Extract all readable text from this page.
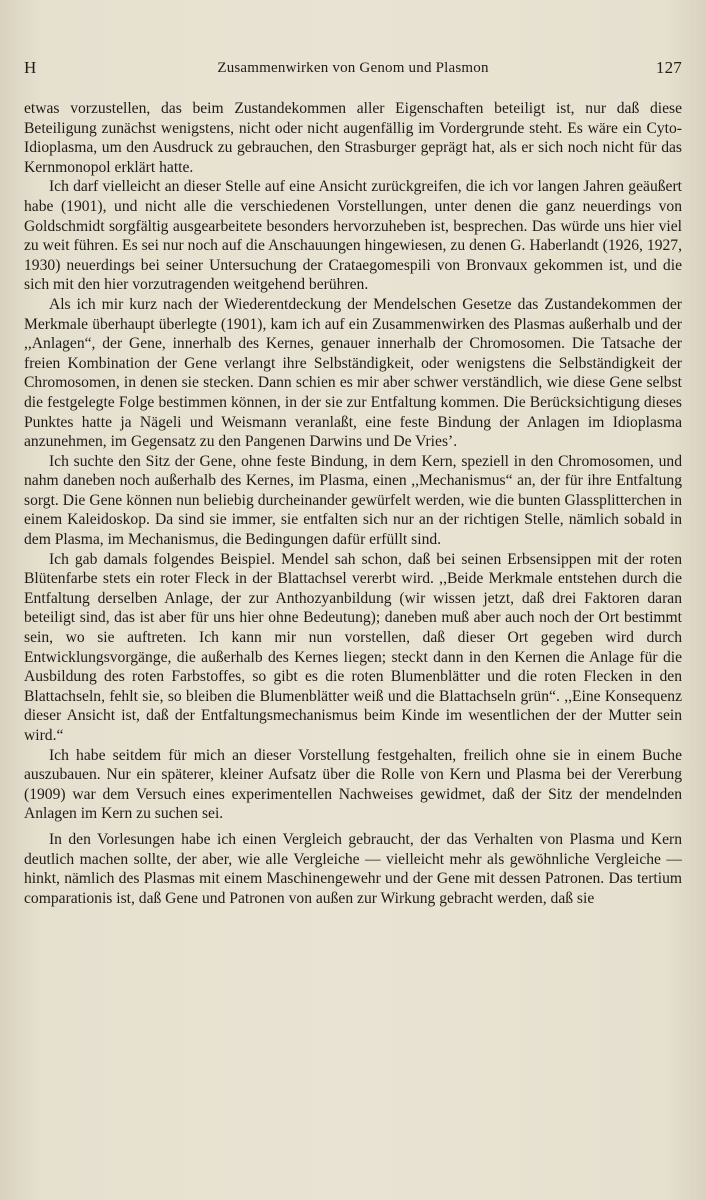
H	Zusammenwirken von Genom und Plasmon	127

etwas vorzustellen, das beim Zustandekommen aller Eigenschaften beteiligt ist, nur daß diese Beteiligung zunächst wenigstens, nicht oder nicht augenfällig im Vordergrunde steht. Es wäre ein Cyto-Idioplasma, um den Ausdruck zu gebrauchen, den Strasburger geprägt hat, als er sich noch nicht für das Kernmonopol erklärt hatte.

Ich darf vielleicht an dieser Stelle auf eine Ansicht zurückgreifen, die ich vor langen Jahren geäußert habe (1901), und nicht alle die verschiedenen Vorstellungen, unter denen die ganz neuerdings von Goldschmidt sorgfältig ausgearbeitete besonders hervorzuheben ist, besprechen. Das würde uns hier viel zu weit führen. Es sei nur noch auf die Anschauungen hingewiesen, zu denen G. Haberlandt (1926, 1927, 1930) neuerdings bei seiner Untersuchung der Crataegomespili von Bronvaux gekommen ist, und die sich mit den hier vorzutragenden weitgehend berühren.

Als ich mir kurz nach der Wiederentdeckung der Mendelschen Gesetze das Zustandekommen der Merkmale überhaupt überlegte (1901), kam ich auf ein Zusammenwirken des Plasmas außerhalb und der ,,Anlagen“, der Gene, innerhalb des Kernes, genauer innerhalb der Chromosomen. Die Tatsache der freien Kombination der Gene verlangt ihre Selbständigkeit, oder wenigstens die Selbständigkeit der Chromosomen, in denen sie stecken. Dann schien es mir aber schwer verständlich, wie diese Gene selbst die festgelegte Folge bestimmen können, in der sie zur Entfaltung kommen. Die Berücksichtigung dieses Punktes hatte ja Nägeli und Weismann veranlaßt, eine feste Bindung der Anlagen im Idioplasma anzunehmen, im Gegensatz zu den Pangenen Darwins und De Vries’.

Ich suchte den Sitz der Gene, ohne feste Bindung, in dem Kern, speziell in den Chromosomen, und nahm daneben noch außerhalb des Kernes, im Plasma, einen ,,Mechanismus“ an, der für ihre Entfaltung sorgt. Die Gene können nun beliebig durcheinander gewürfelt werden, wie die bunten Glassplitterchen in einem Kaleidoskop. Da sind sie immer, sie entfalten sich nur an der richtigen Stelle, nämlich sobald in dem Plasma, im Mechanismus, die Bedingungen dafür erfüllt sind.

Ich gab damals folgendes Beispiel. Mendel sah schon, daß bei seinen Erbsensippen mit der roten Blütenfarbe stets ein roter Fleck in der Blattachsel vererbt wird. ,,Beide Merkmale entstehen durch die Entfaltung derselben Anlage, der zur Anthozyanbildung (wir wissen jetzt, daß drei Faktoren daran beteiligt sind, das ist aber für uns hier ohne Bedeutung); daneben muß aber auch noch der Ort bestimmt sein, wo sie auftreten. Ich kann mir nun vorstellen, daß dieser Ort gegeben wird durch Entwicklungsvorgänge, die außerhalb des Kernes liegen; steckt dann in den Kernen die Anlage für die Ausbildung des roten Farbstoffes, so gibt es die roten Blumenblätter und die roten Flecken in den Blattachseln, fehlt sie, so bleiben die Blumenblätter weiß und die Blattachseln grün“. ,,Eine Konsequenz dieser Ansicht ist, daß der Entfaltungsmechanismus beim Kinde im wesentlichen der der Mutter sein wird.“

Ich habe seitdem für mich an dieser Vorstellung festgehalten, freilich ohne sie in einem Buche auszubauen. Nur ein späterer, kleiner Aufsatz über die Rolle von Kern und Plasma bei der Vererbung (1909) war dem Versuch eines experimentellen Nachweises gewidmet, daß der Sitz der mendelnden Anlagen im Kern zu suchen sei.

In den Vorlesungen habe ich einen Vergleich gebraucht, der das Verhalten von Plasma und Kern deutlich machen sollte, der aber, wie alle Vergleiche — vielleicht mehr als gewöhnliche Vergleiche — hinkt, nämlich des Plasmas mit einem Maschinengewehr und der Gene mit dessen Patronen. Das tertium comparationis ist, daß Gene und Patronen von außen zur Wirkung gebracht werden, daß sie
